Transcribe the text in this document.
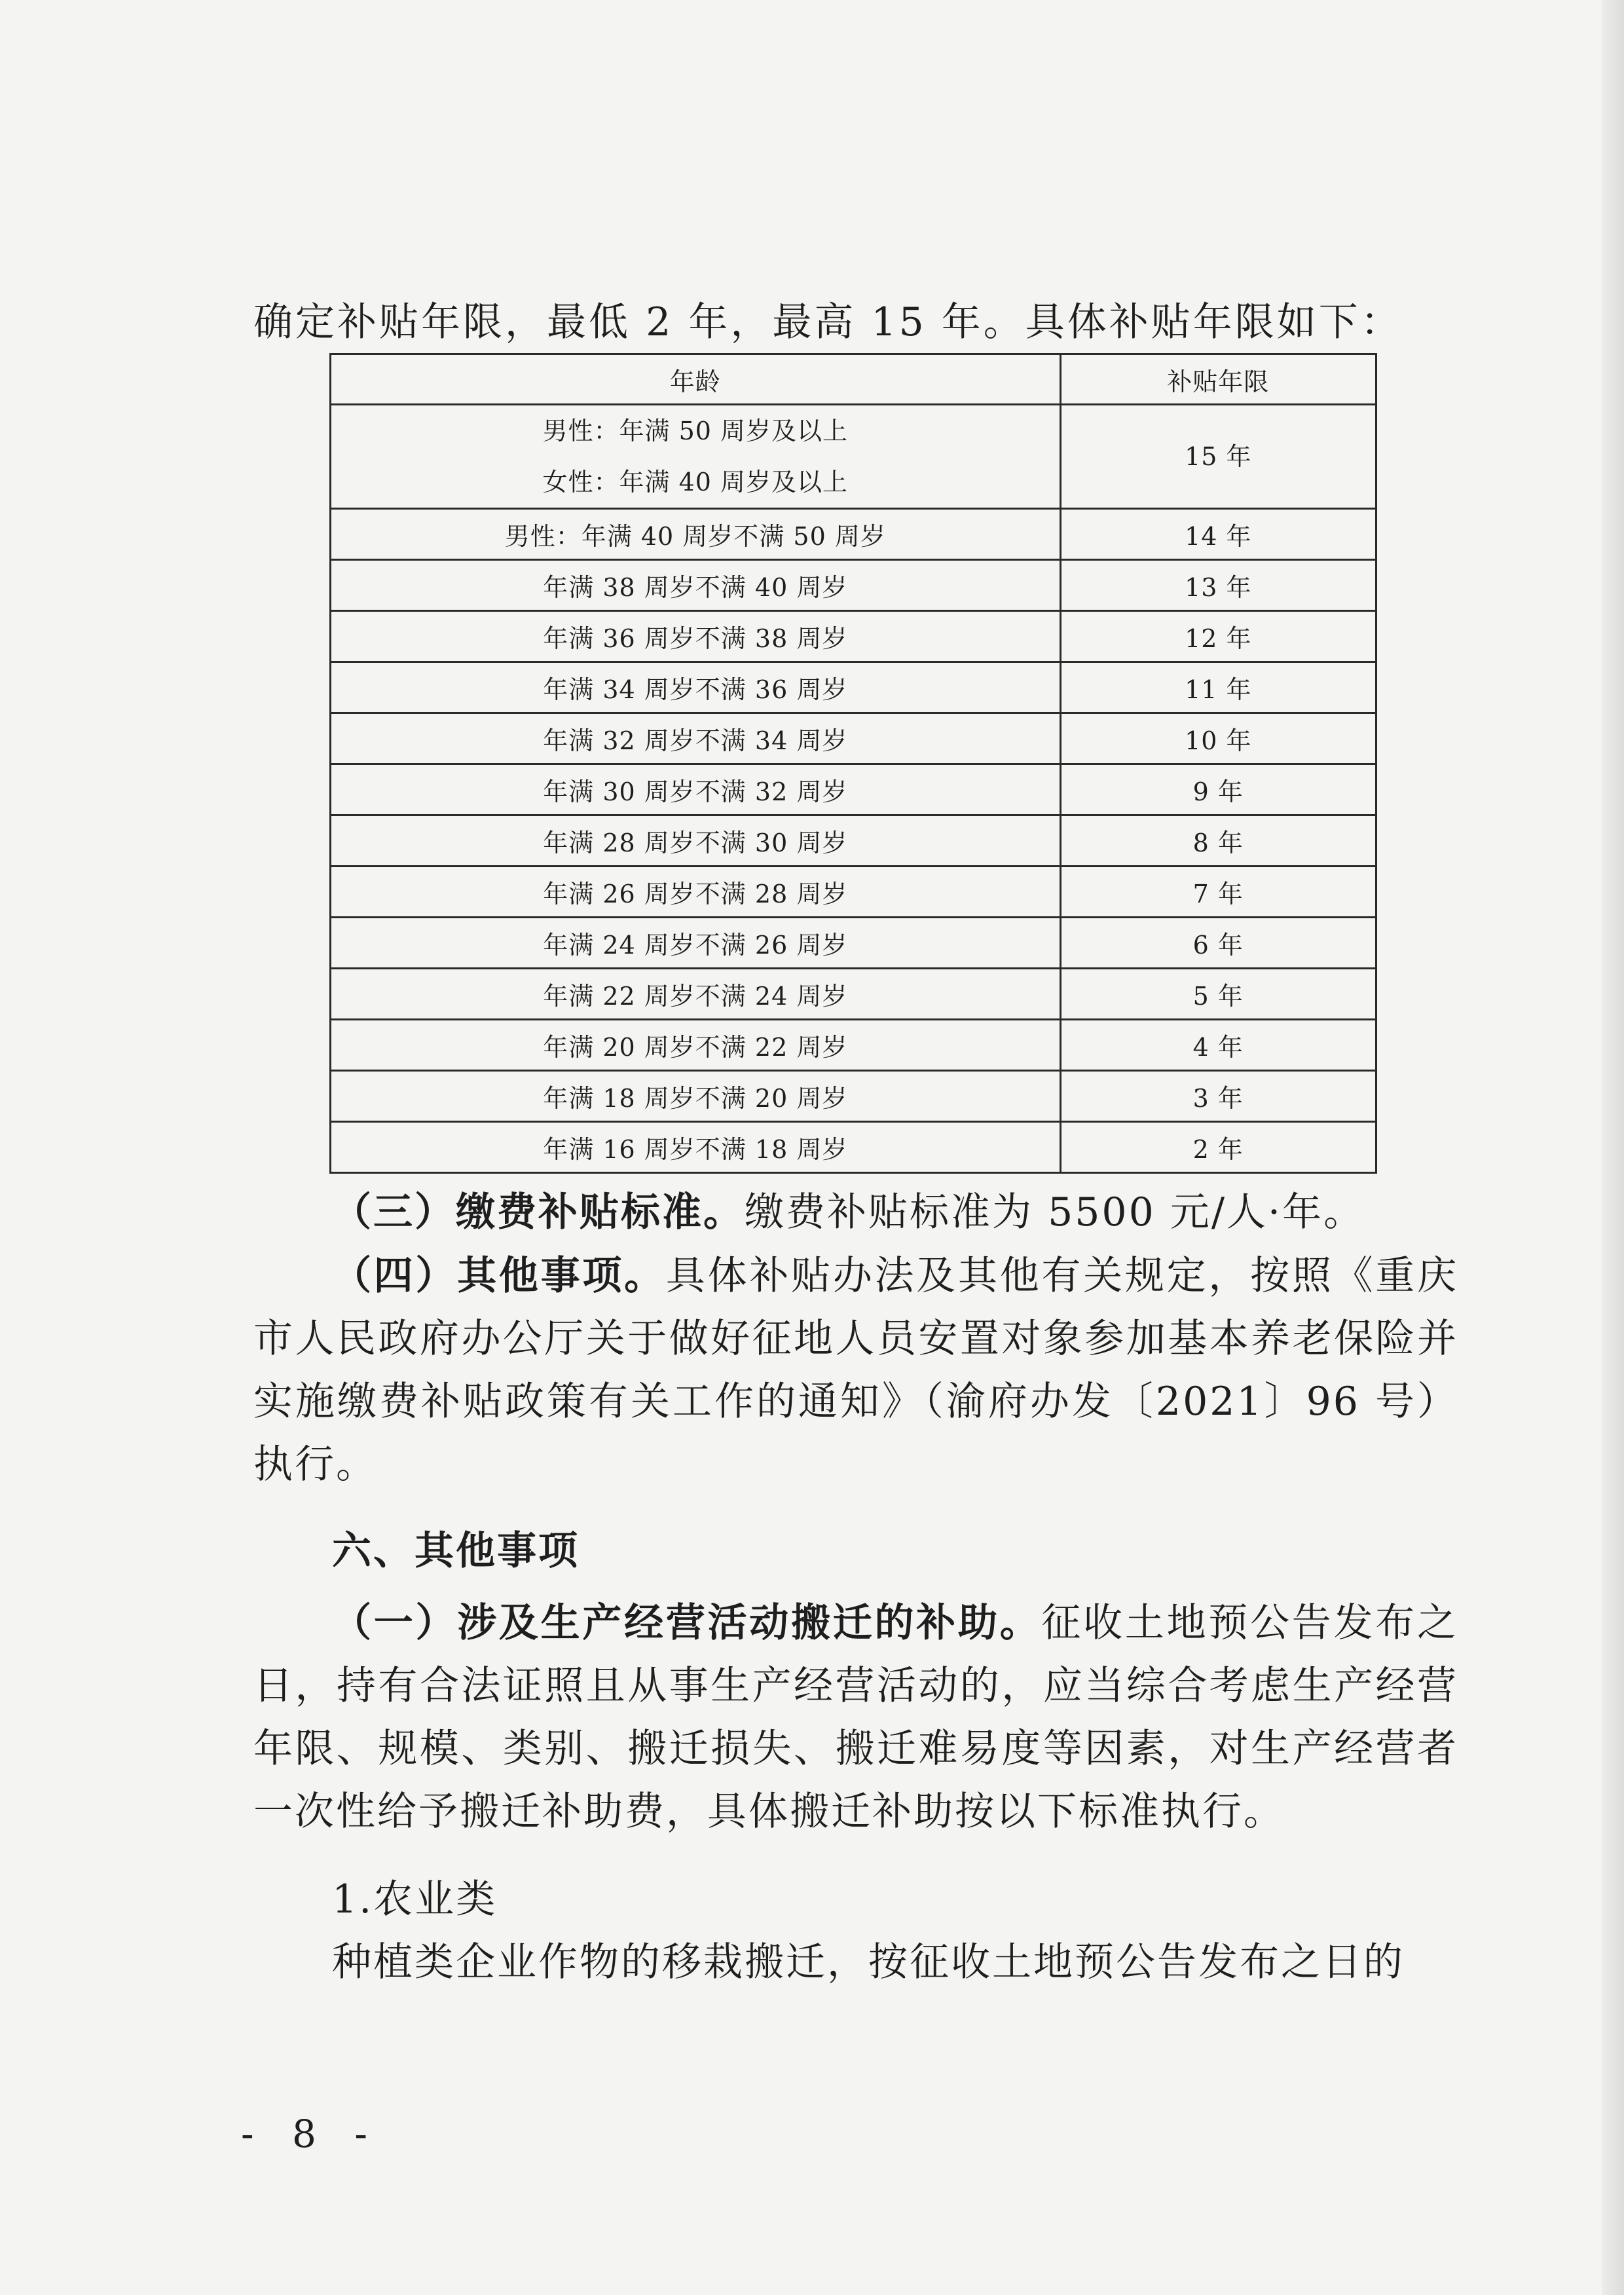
确定补贴年限，最低 2 年，最高 15 年。具体补贴年限如下：
年龄	补贴年限

男性：年满 50 周岁及以上
女性：年满 40 周岁及以上	15 年
男性：年满 40 周岁不满 50 周岁	14 年
年满 38 周岁不满 40 周岁	13 年
年满 36 周岁不满 38 周岁	12 年
年满 34 周岁不满 36 周岁	11 年
年满 32 周岁不满 34 周岁	10 年
年满 30 周岁不满 32 周岁	9 年
年满 28 周岁不满 30 周岁	8 年
年满 26 周岁不满 28 周岁	7 年
年满 24 周岁不满 26 周岁	6 年
年满 22 周岁不满 24 周岁	5 年
年满 20 周岁不满 22 周岁	4 年
年满 18 周岁不满 20 周岁	3 年
年满 16 周岁不满 18 周岁	2 年
（三）缴费补贴标准。缴费补贴标准为 5500 元/人·年。
（四）其他事项。具体补贴办法及其他有关规定，按照《重庆市人民政府办公厅关于做好征地人员安置对象参加基本养老保险并实施缴费补贴政策有关工作的通知》（渝府办发〔2021〕96 号）执行。
六、其他事项
（一）涉及生产经营活动搬迁的补助。征收土地预公告发布之日，持有合法证照且从事生产经营活动的，应当综合考虑生产经营年限、规模、类别、搬迁损失、搬迁难易度等因素，对生产经营者一次性给予搬迁补助费，具体搬迁补助按以下标准执行。
1.农业类
种植类企业作物的移栽搬迁，按征收土地预公告发布之日的
- 8 -
